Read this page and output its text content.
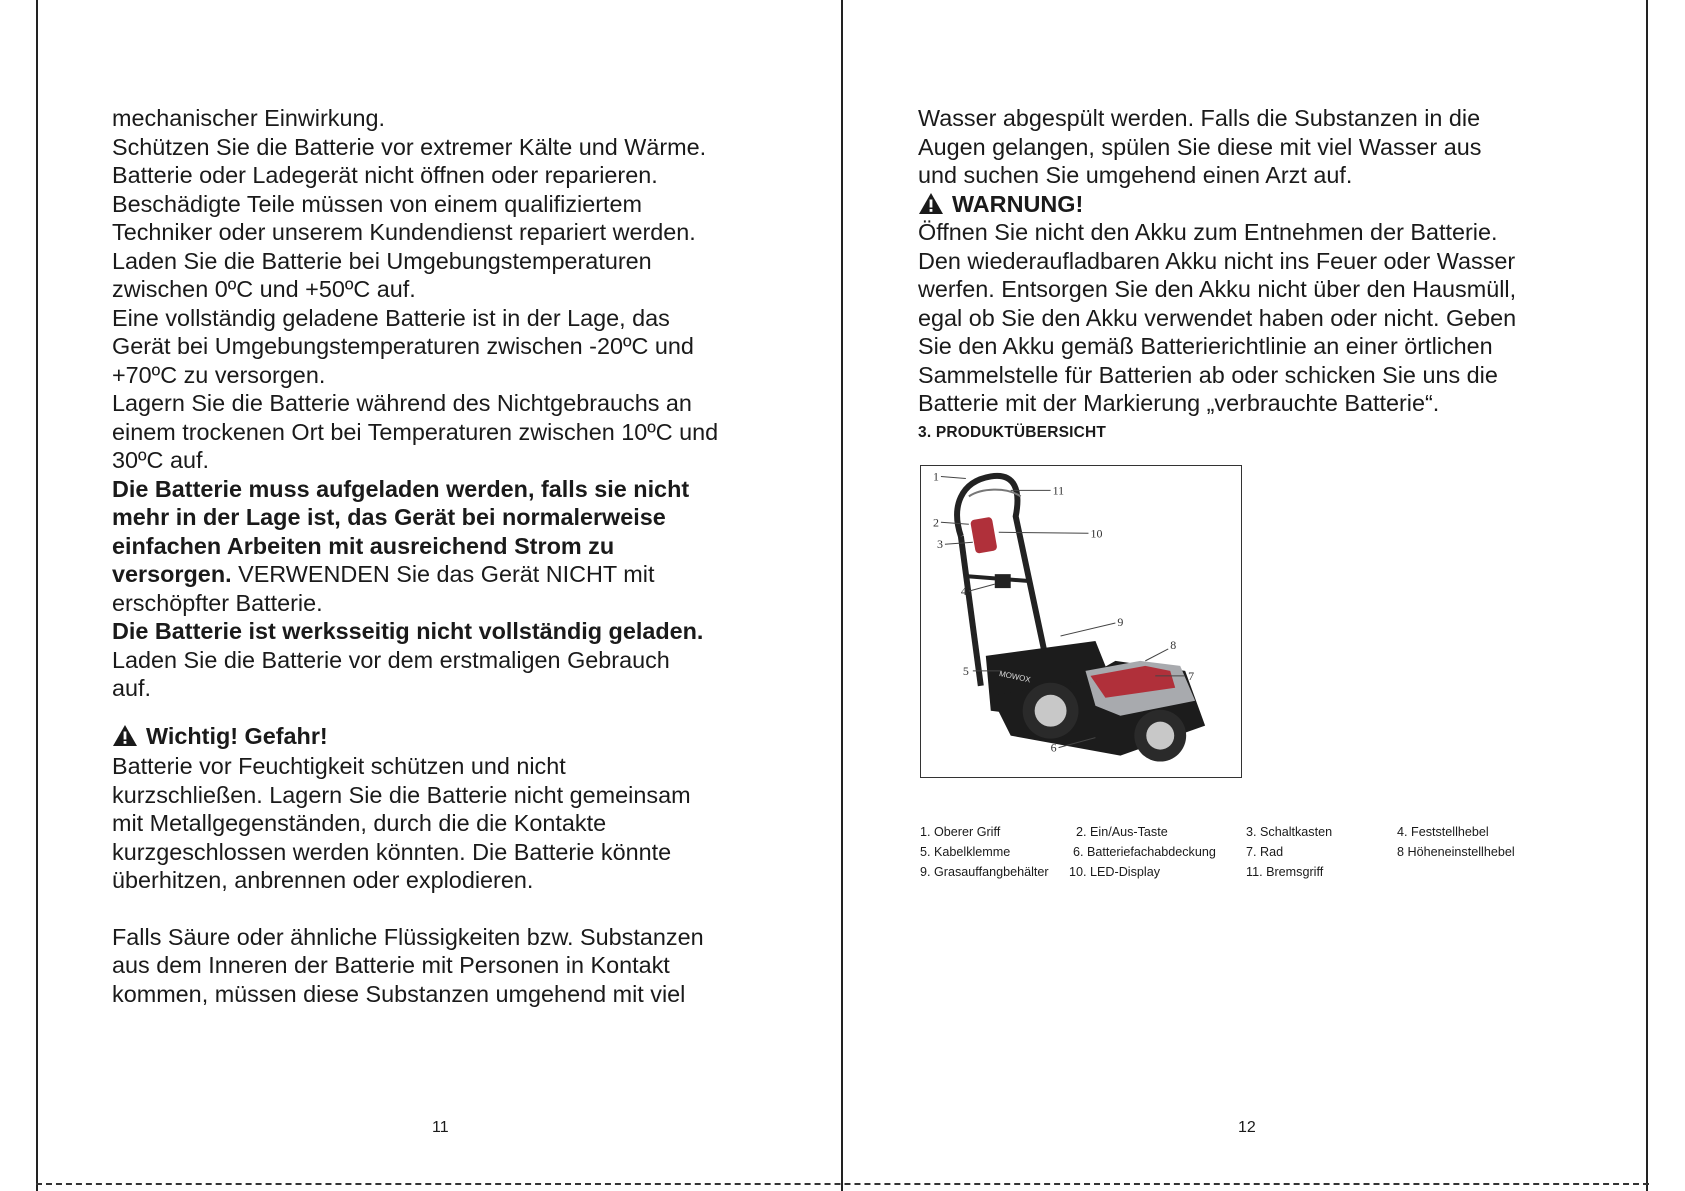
mechanischer Einwirkung.
Schützen Sie die Batterie vor extremer Kälte und Wärme.
Batterie oder Ladegerät nicht öffnen oder reparieren.
Beschädigte Teile müssen von einem qualifiziertem
Techniker oder unserem Kundendienst repariert werden.
Laden Sie die Batterie bei Umgebungstemperaturen
zwischen 0ºC und +50ºC auf.
Eine vollständig geladene Batterie ist in der Lage, das
Gerät bei Umgebungstemperaturen zwischen -20ºC und
+70ºC zu versorgen.
Lagern Sie die Batterie während des Nichtgebrauchs an
einem trockenen Ort bei Temperaturen zwischen 10ºC und
30ºC auf.

Die Batterie muss aufgeladen werden, falls sie nicht
mehr in der Lage ist, das Gerät bei normalerweise
einfachen Arbeiten mit ausreichend Strom zu
versorgen. VERWENDEN Sie das Gerät NICHT mit
erschöpfter Batterie.

Die Batterie ist werksseitig nicht vollständig geladen.

Laden Sie die Batterie vor dem erstmaligen Gebrauch
auf.

Wichtig! Gefahr!

Batterie vor Feuchtigkeit schützen und nicht
kurzschließen. Lagern Sie die Batterie nicht gemeinsam
mit Metallgegenständen, durch die die Kontakte
kurzgeschlossen werden könnten. Die Batterie könnte
überhitzen, anbrennen oder explodieren.

Falls Säure oder ähnliche Flüssigkeiten bzw. Substanzen
aus dem Inneren der Batterie mit Personen in Kontakt
kommen, müssen diese Substanzen umgehend mit viel

Wasser abgespült werden. Falls die Substanzen in die
Augen gelangen, spülen Sie diese mit viel Wasser aus
und suchen Sie umgehend einen Arzt auf.

WARNUNG!

Öffnen Sie nicht den Akku zum Entnehmen der Batterie.
Den wiederaufladbaren Akku nicht ins Feuer oder Wasser
werfen. Entsorgen Sie den Akku nicht über den Hausmüll,
egal ob Sie den Akku verwendet haben oder nicht. Geben
Sie den Akku gemäß Batterierichtlinie an einer örtlichen
Sammelstelle für Batterien ab oder schicken Sie uns die
Batterie mit der Markierung „verbrauchte Batterie“.

3. PRODUKTÜBERSICHT

MOWOX
1
2
3
4
5
6
7
8
9
10
11
1. Oberer Griff	2. Ein/Aus-Taste	3. Schaltkasten	4. Feststellhebel
5. Kabelklemme	6. Batteriefachabdeckung 7. Rad	8 Höheneinstellhebel
9. Grasauffangbehälter 10. LED-Display	11. Bremsgriff
11	12
